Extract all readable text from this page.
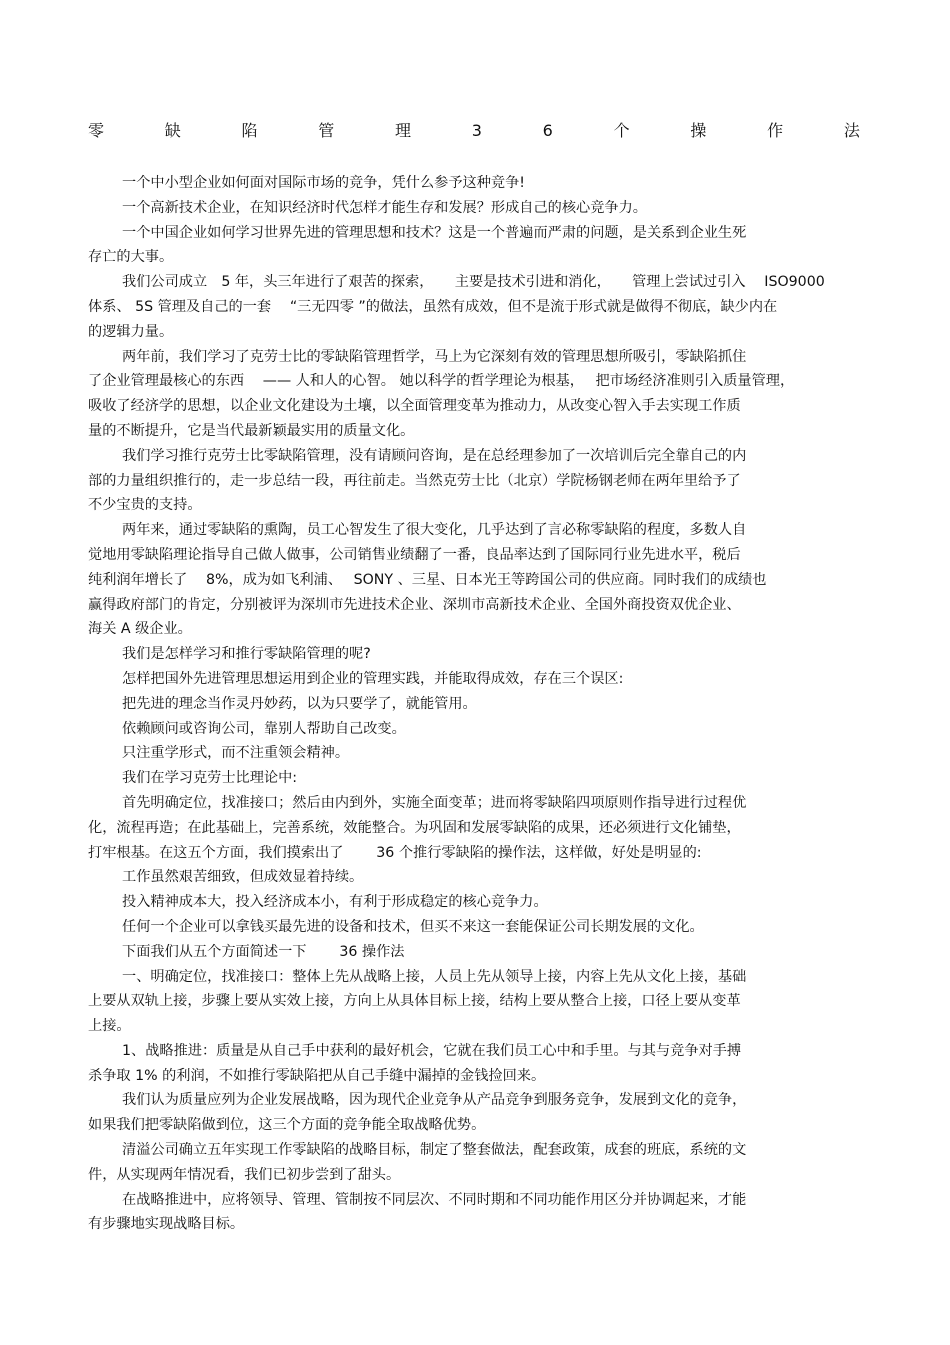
零	缺	陷	管	理	3	6	个	操	作	法
一个中小型企业如何面对国际市场的竞争，凭什么参予这种竞争!
一个高新技术企业，在知识经济时代怎样才能生存和发展？形成自己的核心竞争力。
一个中国企业如何学习世界先进的管理思想和技术？这是一个普遍而严肃的问题，是关系到企业生死
存亡的大事。
我们公司成立　5 年，头三年进行了艰苦的探索，　　主要是技术引进和消化，　　管理上尝试过引入　 ISO9000
体系、 5S 管理及自己的一套　 “三无四零 ”的做法，虽然有成效，但不是流于形式就是做得不彻底，缺少内在
的逻辑力量。
两年前，我们学习了克劳士比的零缺陷管理哲学，马上为它深刻有效的管理思想所吸引，零缺陷抓住
了企业管理最核心的东西　 —— 人和人的心智。 她以科学的哲学理论为根基，　 把市场经济准则引入质量管理，
吸收了经济学的思想，以企业文化建设为土壤，以全面管理变革为推动力，从改变心智入手去实现工作质
量的不断提升，它是当代最新颖最实用的质量文化。
我们学习推行克劳士比零缺陷管理，没有请顾问咨询，是在总经理参加了一次培训后完全靠自己的内
部的力量组织推行的，走一步总结一段，再往前走。当然克劳士比（北京）学院杨钢老师在两年里给予了
不少宝贵的支持。
两年来，通过零缺陷的熏陶，员工心智发生了很大变化，几乎达到了言必称零缺陷的程度，多数人自
觉地用零缺陷理论指导自己做人做事，公司销售业绩翻了一番，良品率达到了国际同行业先进水平，税后
纯利润年增长了　 8%，成为如飞利浦、　 SONY 、三星、日本光王等跨国公司的供应商。同时我们的成绩也
赢得政府部门的肯定，分别被评为深圳市先进技术企业、深圳市高新技术企业、全国外商投资双优企业、
海关 A 级企业。
我们是怎样学习和推行零缺陷管理的呢?
怎样把国外先进管理思想运用到企业的管理实践，并能取得成效，存在三个误区:
把先进的理念当作灵丹妙药，以为只要学了，就能管用。
依赖顾问或咨询公司，靠别人帮助自己改变。
只注重学形式，而不注重领会精神。
我们在学习克劳士比理论中:
首先明确定位，找准接口；然后由内到外，实施全面变革；进而将零缺陷四项原则作指导进行过程优
化，流程再造；在此基础上，完善系统，效能整合。为巩固和发展零缺陷的成果，还必须进行文化铺垫，
打牢根基。在这五个方面，我们摸索出了　　 36 个推行零缺陷的操作法，这样做，好处是明显的:
工作虽然艰苦细致，但成效显着持续。
投入精神成本大，投入经济成本小，有利于形成稳定的核心竞争力。
任何一个企业可以拿钱买最先进的设备和技术，但买不来这一套能保证公司长期发展的文化。
下面我们从五个方面简述一下　　 36 操作法
一、明确定位，找准接口：整体上先从战略上接，人员上先从领导上接，内容上先从文化上接，基础
上要从双轨上接，步骤上要从实效上接，方向上从具体目标上接，结构上要从整合上接，口径上要从变革
上接。
1、战略推进：质量是从自己手中获利的最好机会，它就在我们员工心中和手里。与其与竞争对手搏
杀争取 1% 的利润，不如推行零缺陷把从自己手缝中漏掉的金钱捡回来。
我们认为质量应列为企业发展战略，因为现代企业竞争从产品竞争到服务竞争，发展到文化的竞争，
如果我们把零缺陷做到位，这三个方面的竞争能全取战略优势。
清溢公司确立五年实现工作零缺陷的战略目标，制定了整套做法，配套政策，成套的班底，系统的文
件，从实现两年情况看，我们已初步尝到了甜头。
在战略推进中，应将领导、管理、管制按不同层次、不同时期和不同功能作用区分并协调起来，才能
有步骤地实现战略目标。
